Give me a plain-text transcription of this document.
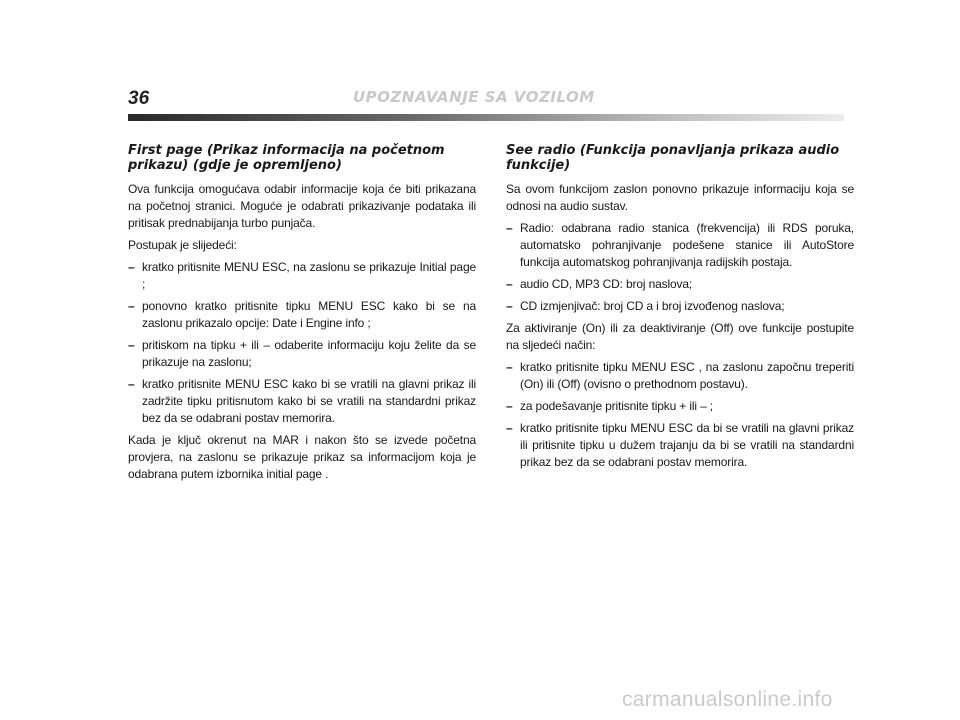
36	UPOZNAVANJE SA VOZILOM
First page (Prikaz informacija na početnom prikazu) (gdje je opremljeno)

Ova funkcija omogućava odabir informacije koja će biti prikazana na početnoj stranici. Moguće je odabrati prikazivanje podataka ili pritisak prednabijanja turbo punjača.

Postupak je slijedeći:

– kratko pritisnite MENU ESC, na zaslonu se prikazuje Initial page ;
– ponovno kratko pritisnite tipku MENU ESC kako bi se na zaslonu prikazalo opcije: Date i Engine info ;
– pritiskom na tipku + ili – odaberite informaciju koju želite da se prikazuje na zaslonu;
– kratko pritisnite MENU ESC kako bi se vratili na glavni prikaz ili zadržite tipku pritisnutom kako bi se vratili na standardni prikaz bez da se odabrani postav memorira.

Kada je ključ okrenut na MAR i nakon što se izvede početna provjera, na zaslonu se prikazuje prikaz sa informacijom koja je odabrana putem izbornika initial page .

See radio (Funkcija ponavljanja prikaza audio funkcije)

Sa ovom funkcijom zaslon ponovno prikazuje informaciju koja se odnosi na audio sustav.

– Radio: odabrana radio stanica (frekvencija) ili RDS poruka, automatsko pohranjivanje podešene stanice ili AutoStore funkcija automatskog pohranjivanja radijskih postaja.
– audio CD, MP3 CD: broj naslova;
– CD izmjenjivač: broj CD a i broj izvođenog naslova;

Za aktiviranje (On) ili za deaktiviranje (Off) ove funkcije postupite na sljedeći način:

– kratko pritisnite tipku MENU ESC , na zaslonu započnu treperiti (On) ili (Off) (ovisno o prethodnom postavu).
– za podešavanje pritisnite tipku + ili – ;
– kratko pritisnite tipku MENU ESC da bi se vratili na glavni prikaz ili pritisnite tipku u dužem trajanju da bi se vratili na standardni prikaz bez da se odabrani postav memorira.
carmanualsonline.info
